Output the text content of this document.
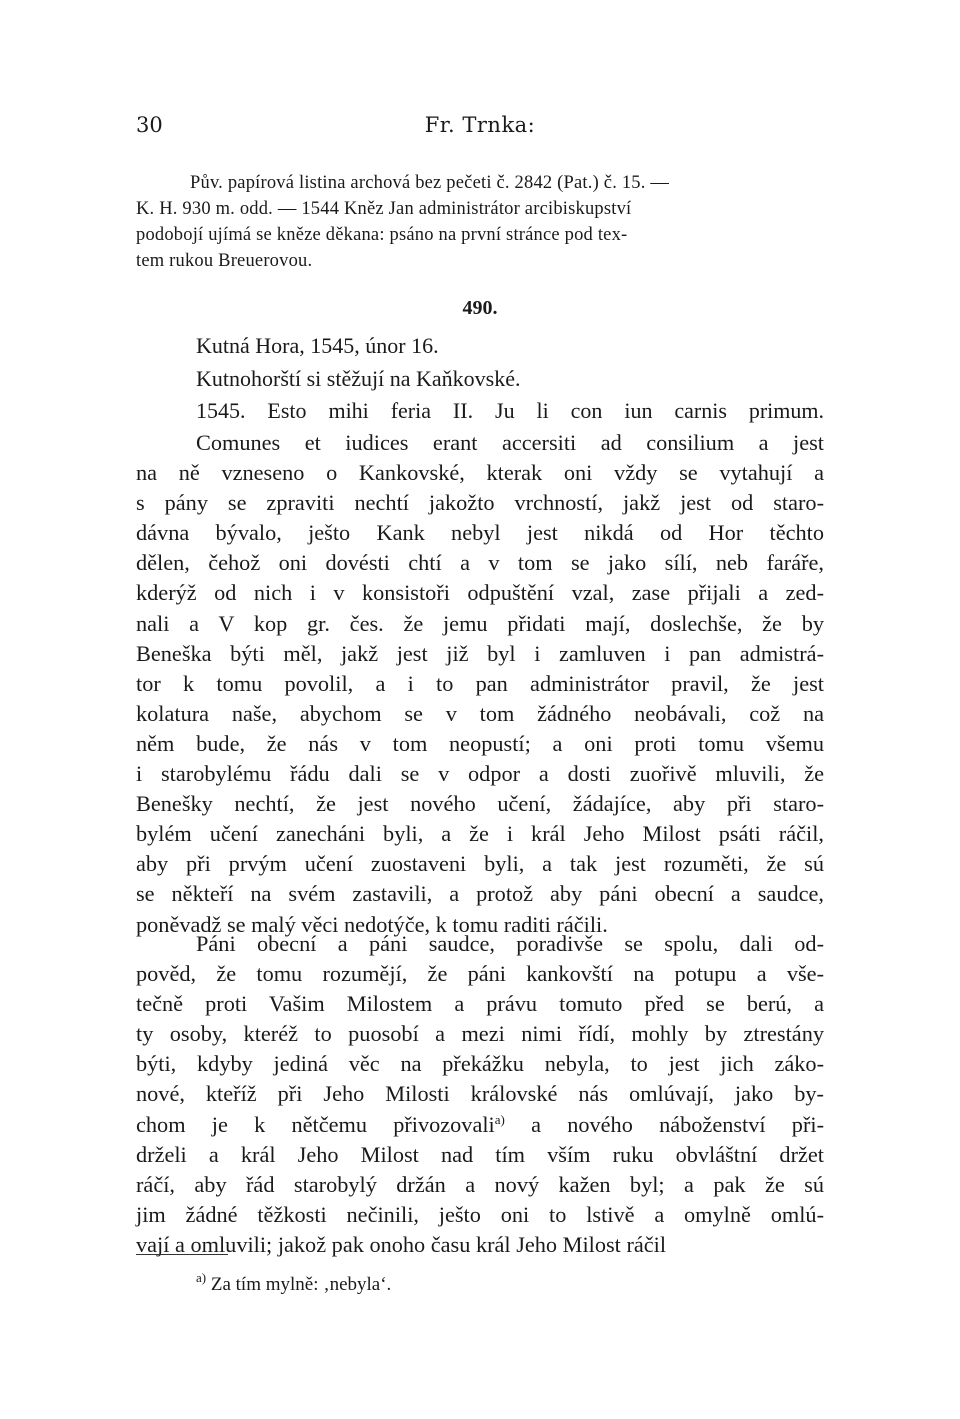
30	Fr. Trnka:
Pův. papírová listina archová bez pečeti č. 2842 (Pat.) č. 15. —
K. H. 930 m. odd. — 1544 Kněz Jan administrátor arcibiskupství
podobojí ujímá se kněze děkana: psáno na první stránce pod tex-
tem rukou Breuerovou.
490.
Kutná Hora, 1545, únor 16.
Kutnohorští si stěžují na Kaňkovské.
1545. Esto mihi feria II. Ju li con iun carnis primum.
Comunes et iudices erant accersiti ad consilium a jest
na ně vzneseno o Kankovské, kterak oni vždy se vytahují a
s pány se zpraviti nechtí jakožto vrchností, jakž jest od staro-
dávna bývalo, ješto Kank nebyl jest nikdá od Hor těchto
dělen, čehož oni dovésti chtí a v tom se jako sílí, neb faráře,
kderýž od nich i v konsistoři odpuštění vzal, zase přijali a zed-
nali a V kop gr. čes. že jemu přidati mají, doslechše, že by
Beneška býti měl, jakž jest již byl i zamluven i pan admistrá-
tor k tomu povolil, a i to pan administrátor pravil, že jest
kolatura naše, abychom se v tom žádného neobávali, což na
něm bude, že nás v tom neopustí; a oni proti tomu všemu
i starobylému řádu dali se v odpor a dosti zuořivě mluvili, že
Benešky nechtí, že jest nového učení, žádajíce, aby při staro-
bylém učení zanecháni byli, a že i král Jeho Milost psáti ráčil,
aby při prvým učení zuostaveni byli, a tak jest rozuměti, že sú
se někteří na svém zastavili, a protož aby páni obecní a saudce,
poněvadž se malý věci nedotýče, k tomu raditi ráčili.
Páni obecní a páni saudce, poradivše se spolu, dali od-
pověd, že tomu rozumějí, že páni kankovští na potupu a vše-
tečně proti Vašim Milostem a právu tomuto před se berú, a
ty osoby, kteréž to puosobí a mezi nimi řídí, mohly by ztrestány
býti, kdyby jediná věc na překážku nebyla, to jest jich záko-
nové, kteříž při Jeho Milosti královské nás omlúvají, jako by-
chom je k nětčemu přivozovali$^{a)}$ a nového náboženství při-
drželi a král Jeho Milost nad tím vším ruku obvláštní držet
ráčí, aby řád starobylý držán a nový kažen byl; a pak že sú
jim žádné těžkosti nečinili, ješto oni to lstivě a omylně omlú-
vají a omluvili; jakož pak onoho času král Jeho Milost ráčil
$^{a)}$ Za tím mylně: ‚nebyla‘.
